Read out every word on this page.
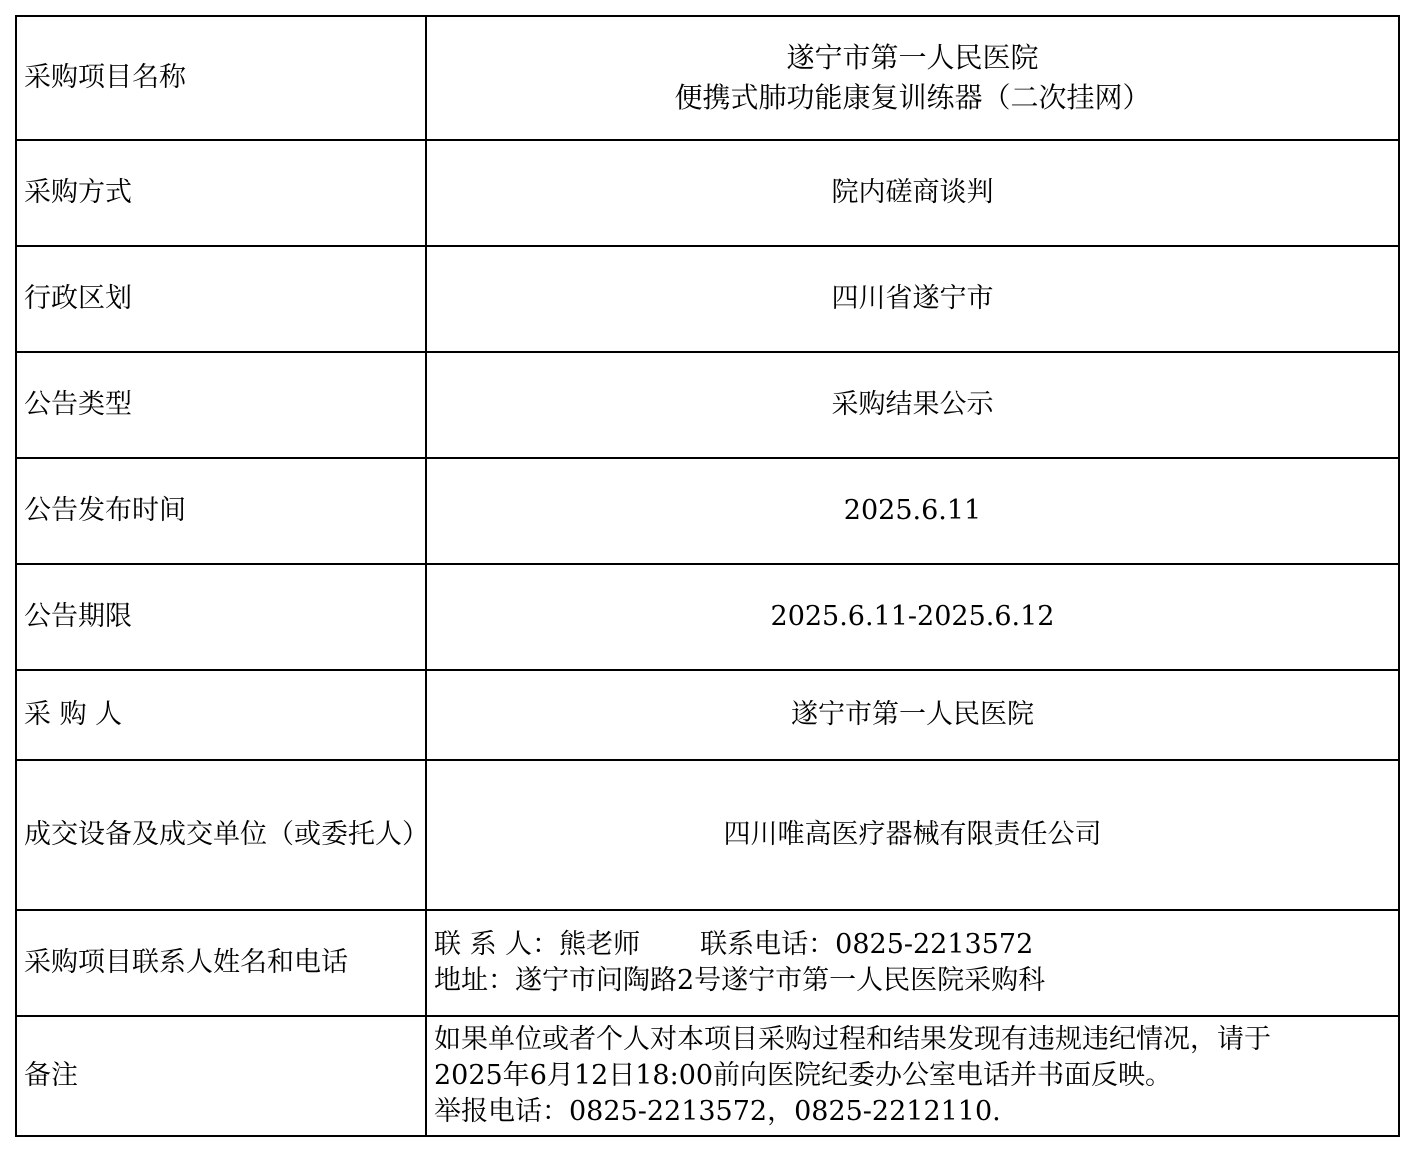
采购项目名称	遂宁市第一人民医院
便携式肺功能康复训练器（二次挂网）

采购方式	院内磋商谈判
行政区划	四川省遂宁市
公告类型	采购结果公示
公告发布时间	2025.6.11
公告期限	2025.6.11-2025.6.12
采 购 人	遂宁市第一人民医院
成交设备及成交单位（或委托人）	四川唯高医疗器械有限责任公司
采购项目联系人姓名和电话	联 系 人：熊老师 联系电话：0825-2213572
地址：遂宁市问陶路2号遂宁市第一人民医院采购科

备注	如果单位或者个人对本项目采购过程和结果发现有违规违纪情况，请于
2025年6月12日18:00前向医院纪委办公室电话并书面反映。
举报电话：0825-2213572，0825-2212110.
